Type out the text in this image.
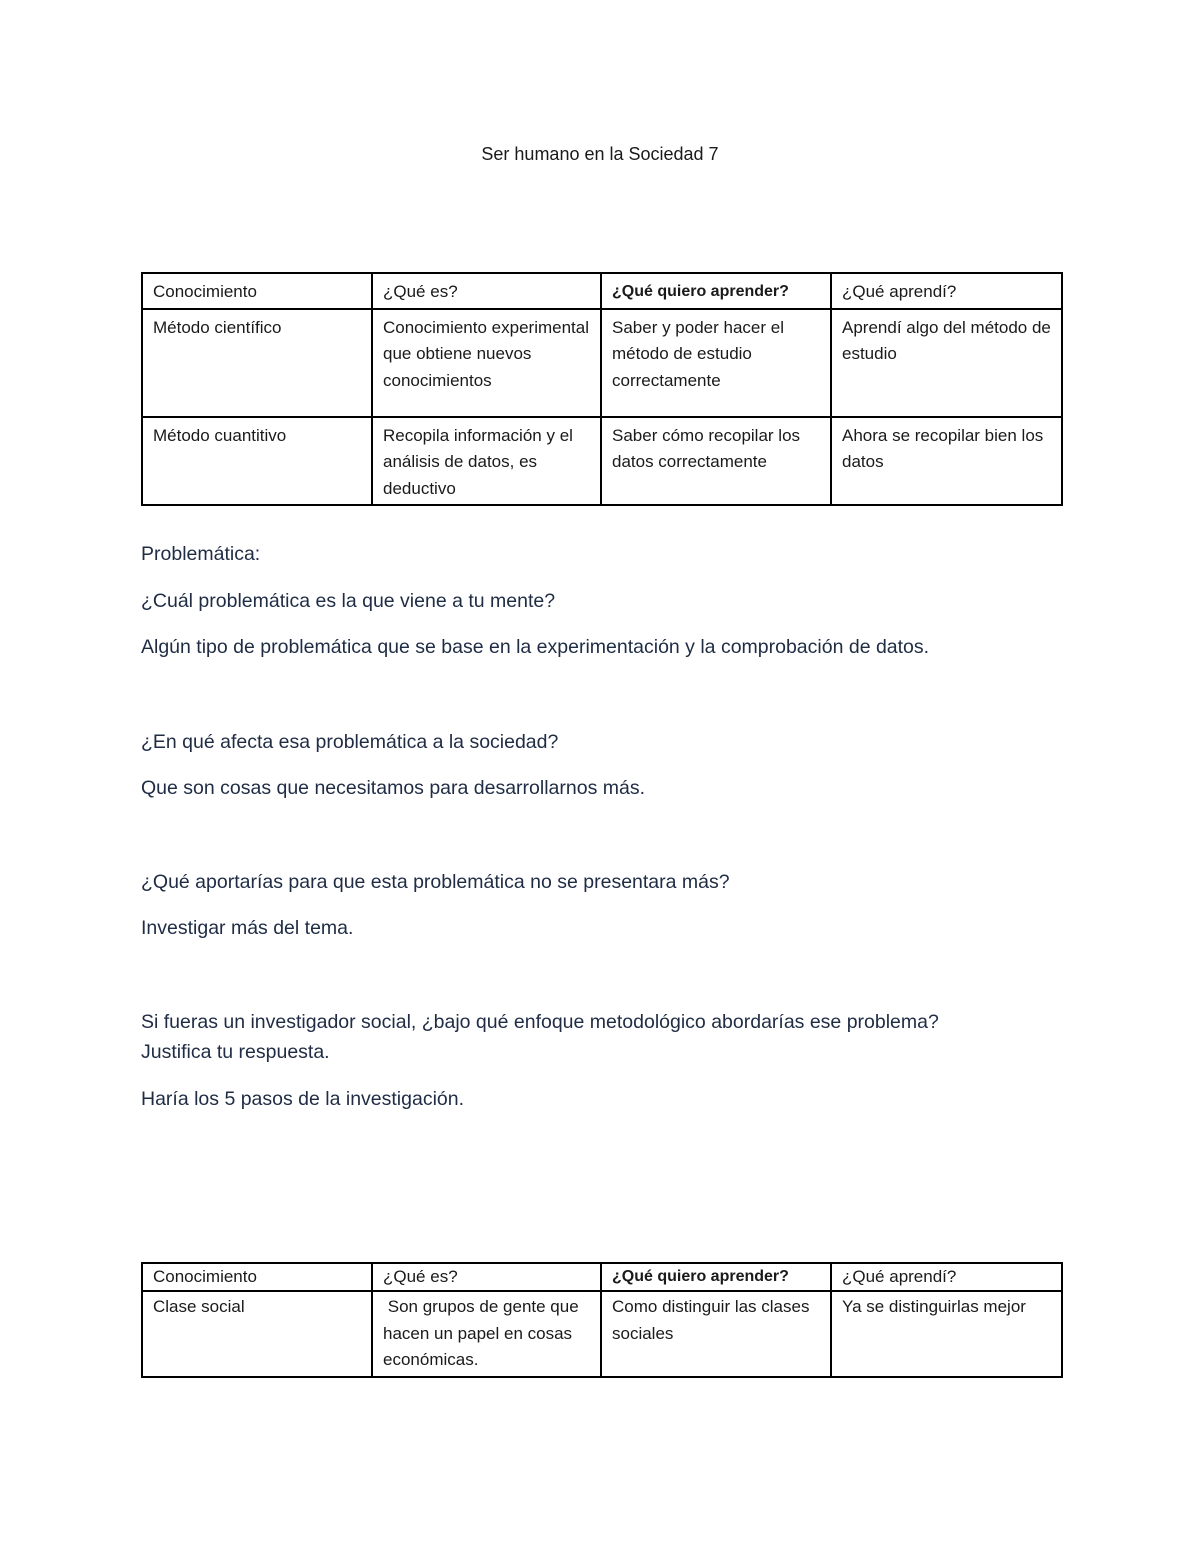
Ser humano en la Sociedad 7
Conocimiento	¿Qué es?	¿Qué quiero aprender?	¿Qué aprendí?
Método científico	Conocimiento experimental que obtiene nuevos conocimientos	Saber y poder hacer el método de estudio correctamente	Aprendí algo del método de estudio
Método cuantitivo	Recopila información y el análisis de datos, es deductivo	Saber cómo recopilar los datos correctamente	Ahora se recopilar bien los datos
Problemática:
¿Cuál problemática es la que viene a tu mente?
Algún tipo de problemática que se base en la experimentación y la comprobación de datos.
¿En qué afecta esa problemática a la sociedad?
Que son cosas que necesitamos para desarrollarnos más.
¿Qué aportarías para que esta problemática no se presentara más?
Investigar más del tema.
Si fueras un investigador social, ¿bajo qué enfoque metodológico abordarías ese problema?
Justifica tu respuesta.
Haría los 5 pasos de la investigación.
Conocimiento	¿Qué es?	¿Qué quiero aprender?	¿Qué aprendí?
Clase social	Son grupos de gente que hacen un papel en cosas económicas.	Como distinguir las clases sociales	Ya se distinguirlas mejor
